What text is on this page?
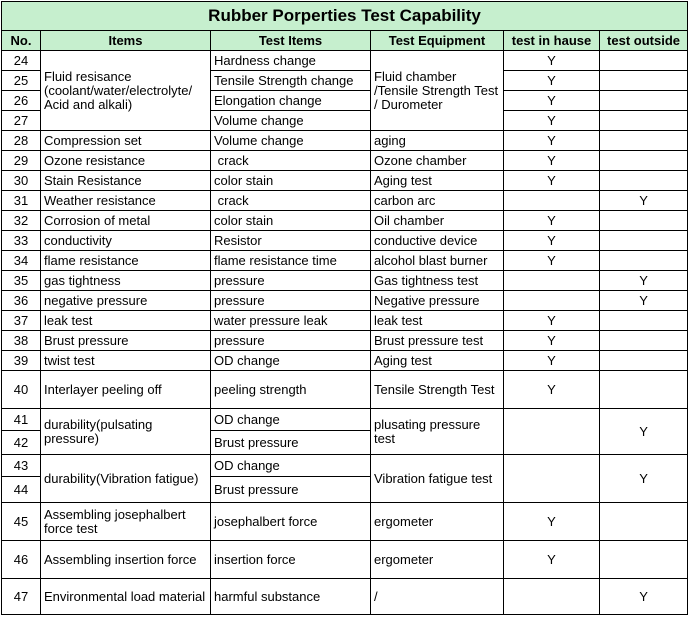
Rubber Porperties Test Capability					
No.	Items	Test Items	Test Equipment	test in hause	test outside
24	Fluid resisance (coolant/water/electrolyte/ Acid and alkali)	Hardness change	Fluid chamber /Tensile Strength Test / Durometer	Y	
25		Tensile Strength change		Y	
26		Elongation change		Y	
27		Volume change		Y	
28	Compression set	Volume change	aging	Y	
29	Ozone resistance	crack	Ozone chamber	Y	
30	Stain Resistance	color stain	Aging test	Y	
31	Weather resistance	crack	carbon arc		Y
32	Corrosion of metal	color stain	Oil chamber	Y	
33	conductivity	Resistor	conductive device	Y	
34	flame resistance	flame resistance time	alcohol blast burner	Y	
35	gas tightness	pressure	Gas tightness test		Y
36	negative pressure	pressure	Negative pressure		Y
37	leak test	water pressure leak	leak test	Y	
38	Brust pressure	pressure	Brust pressure test	Y	
39	twist test	OD change	Aging test	Y	
40	Interlayer peeling off	peeling strength	Tensile Strength Test	Y	
41	durability(pulsating pressure)	OD change	plusating pressure test		Y
42		Brust pressure			
43	durability(Vibration fatigue)	OD change	Vibration fatigue test		Y
44		Brust pressure			
45	Assembling josephalbert force test	josephalbert force	ergometer	Y	
46	Assembling insertion force	insertion force	ergometer	Y	
47	Environmental load material	harmful substance	/		Y
